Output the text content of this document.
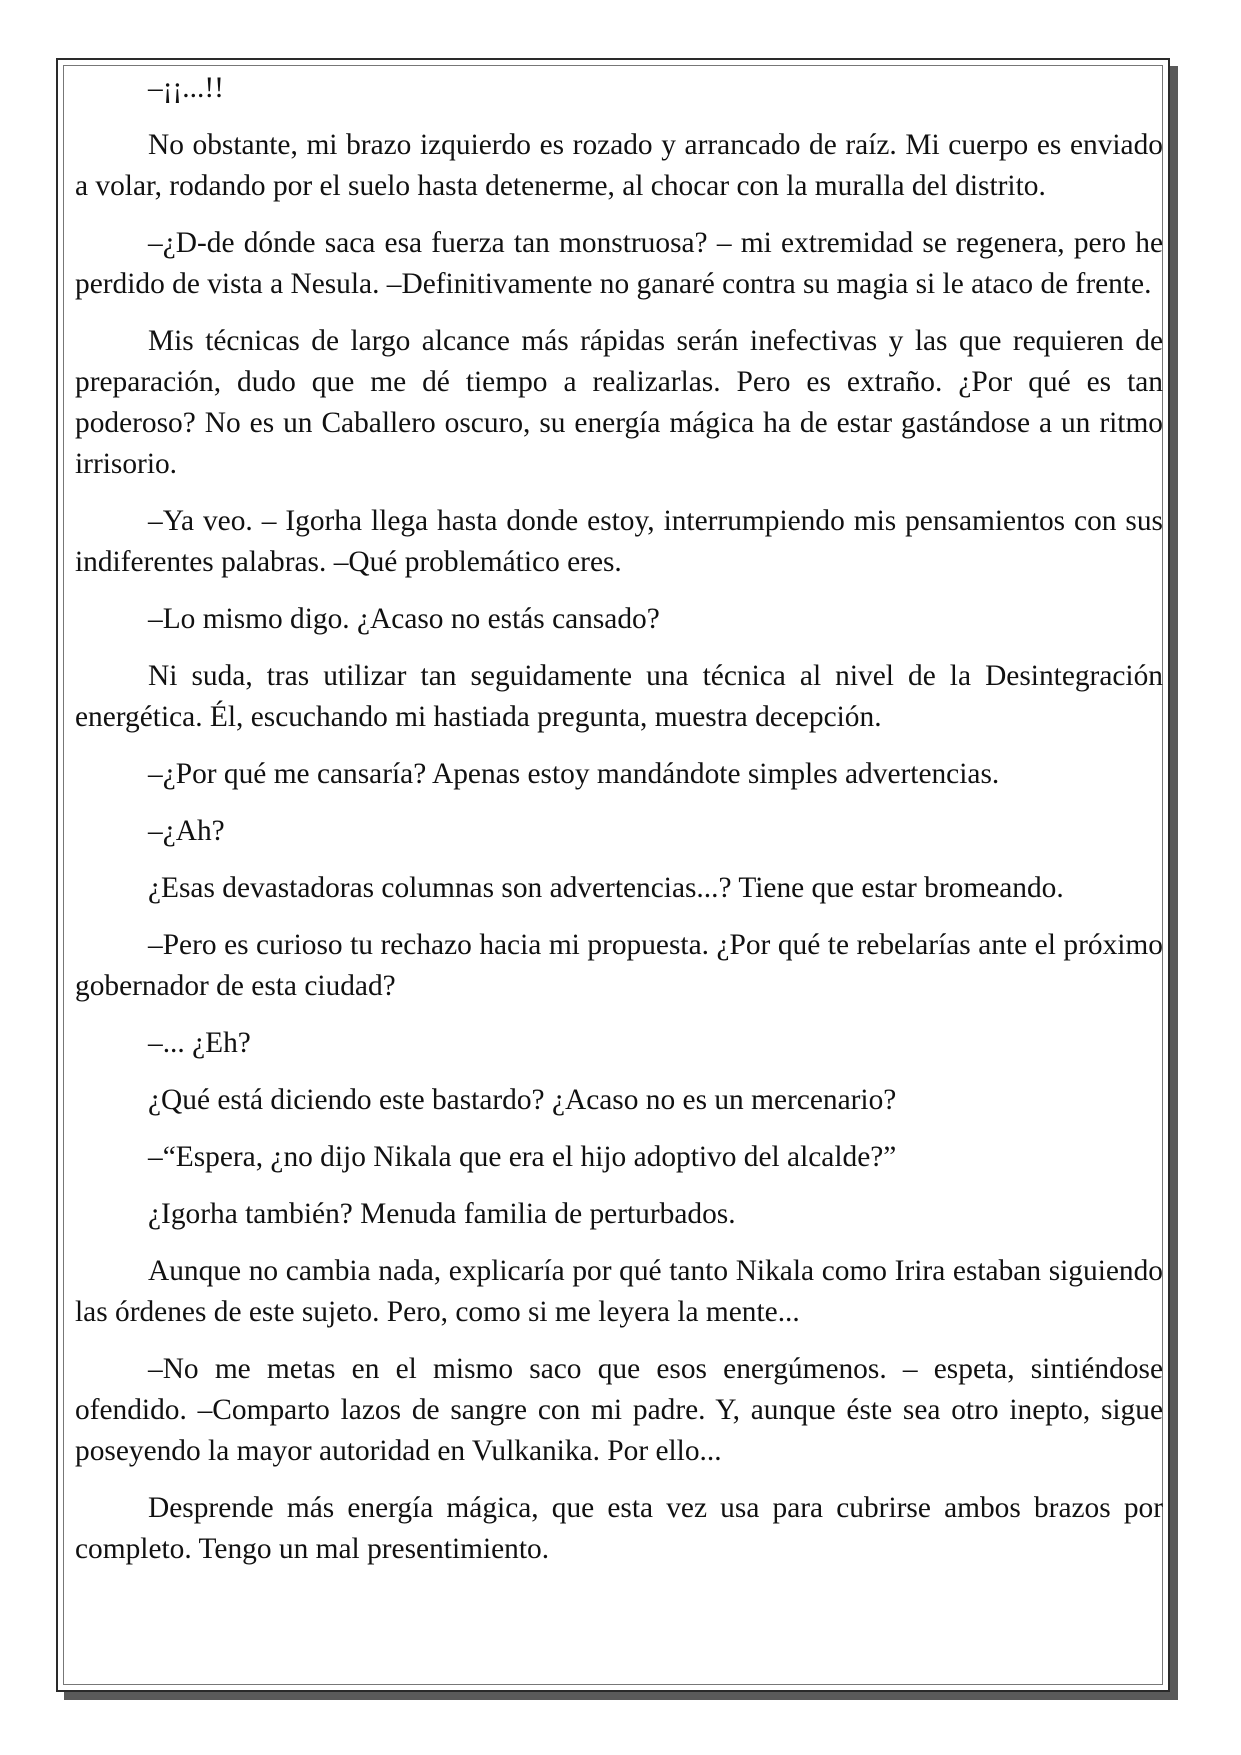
–¡¡...!!

No obstante, mi brazo izquierdo es rozado y arrancado de raíz. Mi cuerpo es enviado a volar, rodando por el suelo hasta detenerme, al chocar con la muralla del distrito.

–¿D-de dónde saca esa fuerza tan monstruosa? – mi extremidad se regenera, pero he perdido de vista a Nesula. –Definitivamente no ganaré contra su magia si le ataco de frente.

Mis técnicas de largo alcance más rápidas serán inefectivas y las que requieren de preparación, dudo que me dé tiempo a realizarlas. Pero es extraño. ¿Por qué es tan poderoso? No es un Caballero oscuro, su energía mágica ha de estar gastándose a un ritmo irrisorio.

–Ya veo. – Igorha llega hasta donde estoy, interrumpiendo mis pensamientos con sus indiferentes palabras. –Qué problemático eres.

–Lo mismo digo. ¿Acaso no estás cansado?

Ni suda, tras utilizar tan seguidamente una técnica al nivel de la Desintegración energética. Él, escuchando mi hastiada pregunta, muestra decepción.

–¿Por qué me cansaría? Apenas estoy mandándote simples advertencias.

–¿Ah?

¿Esas devastadoras columnas son advertencias...? Tiene que estar bromeando.

–Pero es curioso tu rechazo hacia mi propuesta. ¿Por qué te rebelarías ante el próximo gobernador de esta ciudad?

–... ¿Eh?

¿Qué está diciendo este bastardo? ¿Acaso no es un mercenario?

–“Espera, ¿no dijo Nikala que era el hijo adoptivo del alcalde?”

¿Igorha también? Menuda familia de perturbados.

Aunque no cambia nada, explicaría por qué tanto Nikala como Irira estaban siguiendo las órdenes de este sujeto. Pero, como si me leyera la mente...

–No me metas en el mismo saco que esos energúmenos. – espeta, sintiéndose ofendido. –Comparto lazos de sangre con mi padre. Y, aunque éste sea otro inepto, sigue poseyendo la mayor autoridad en Vulkanika. Por ello...

Desprende más energía mágica, que esta vez usa para cubrirse ambos brazos por completo. Tengo un mal presentimiento.
